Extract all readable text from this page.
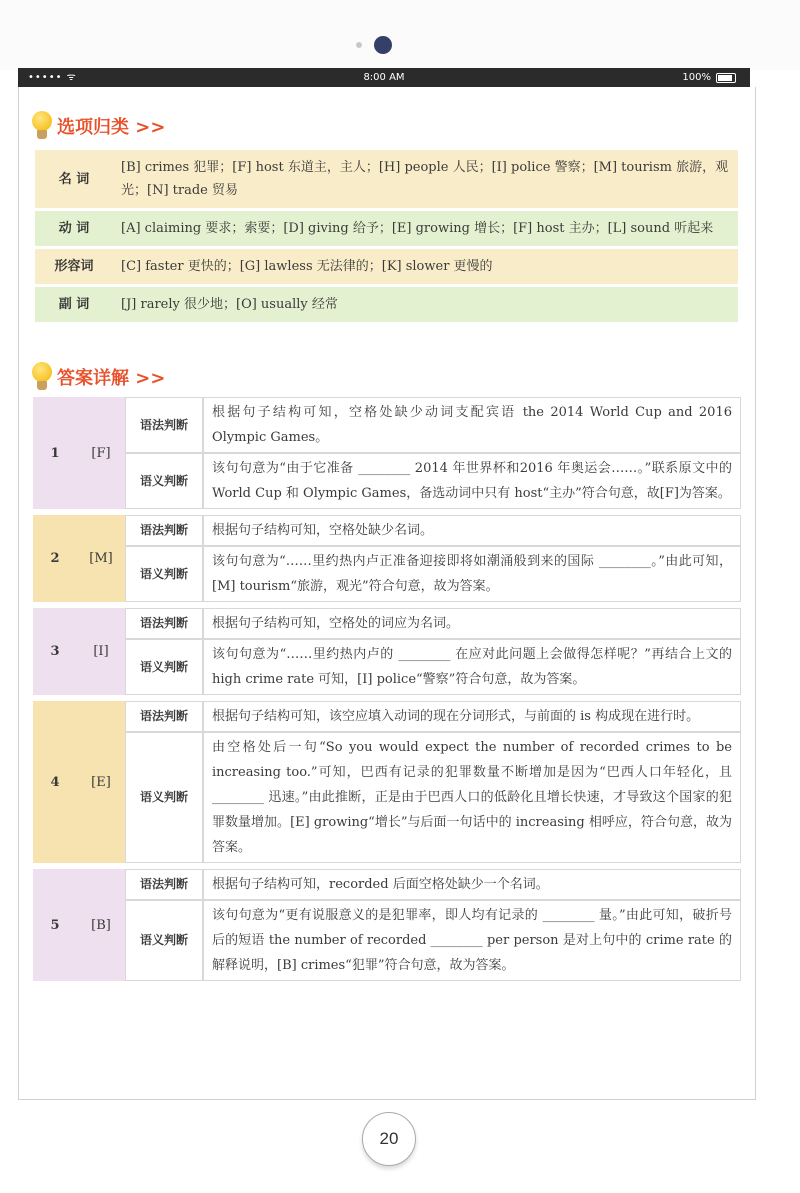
••••• ᯤ	8:00 AM	100%
选项归类 >>
名 词	[B] crimes 犯罪；[F] host 东道主，主人；[H] people 人民；[I] police 警察；[M] tourism 旅游，观光；[N] trade 贸易
动 词	[A] claiming 要求；索要；[D] giving 给予；[E] growing 增长；[F] host 主办；[L] sound 听起来
形容词	[C] faster 更快的；[G] lawless 无法律的；[K] slower 更慢的
副 词	[J] rarely 很少地；[O] usually 经常
答案详解 >>
1	[F]	语法判断	根据句子结构可知，空格处缺少动词支配宾语 the 2014 World Cup and 2016 Olympic Games。
		语义判断	该句句意为“由于它准备 ________ 2014 年世界杯和2016 年奥运会……。”联系原文中的 World Cup 和 Olympic Games，备选动词中只有 host“主办”符合句意，故[F]为答案。

2	[M]	语法判断	根据句子结构可知，空格处缺少名词。
		语义判断	该句句意为“……里约热内卢正准备迎接即将如潮涌般到来的国际 ________。”由此可知，[M] tourism“旅游，观光”符合句意，故为答案。

3	[I]	语法判断	根据句子结构可知，空格处的词应为名词。
		语义判断	该句句意为“……里约热内卢的 ________ 在应对此问题上会做得怎样呢？”再结合上文的 high crime rate 可知，[I] police“警察”符合句意，故为答案。

4	[E]	语法判断	根据句子结构可知，该空应填入动词的现在分词形式，与前面的 is 构成现在进行时。
		语义判断	由空格处后一句“So you would expect the number of recorded crimes to be increasing too.”可知，巴西有记录的犯罪数量不断增加是因为“巴西人口年轻化，且 ________ 迅速。”由此推断，正是由于巴西人口的低龄化且增长快速，才导致这个国家的犯罪数量增加。[E] growing“增长”与后面一句话中的 increasing 相呼应，符合句意，故为答案。

5	[B]	语法判断	根据句子结构可知，recorded 后面空格处缺少一个名词。
		语义判断	该句句意为“更有说服意义的是犯罪率，即人均有记录的 ________ 量。”由此可知，破折号后的短语 the number of recorded ________ per person 是对上句中的 crime rate 的解释说明，[B] crimes“犯罪”符合句意，故为答案。
20
